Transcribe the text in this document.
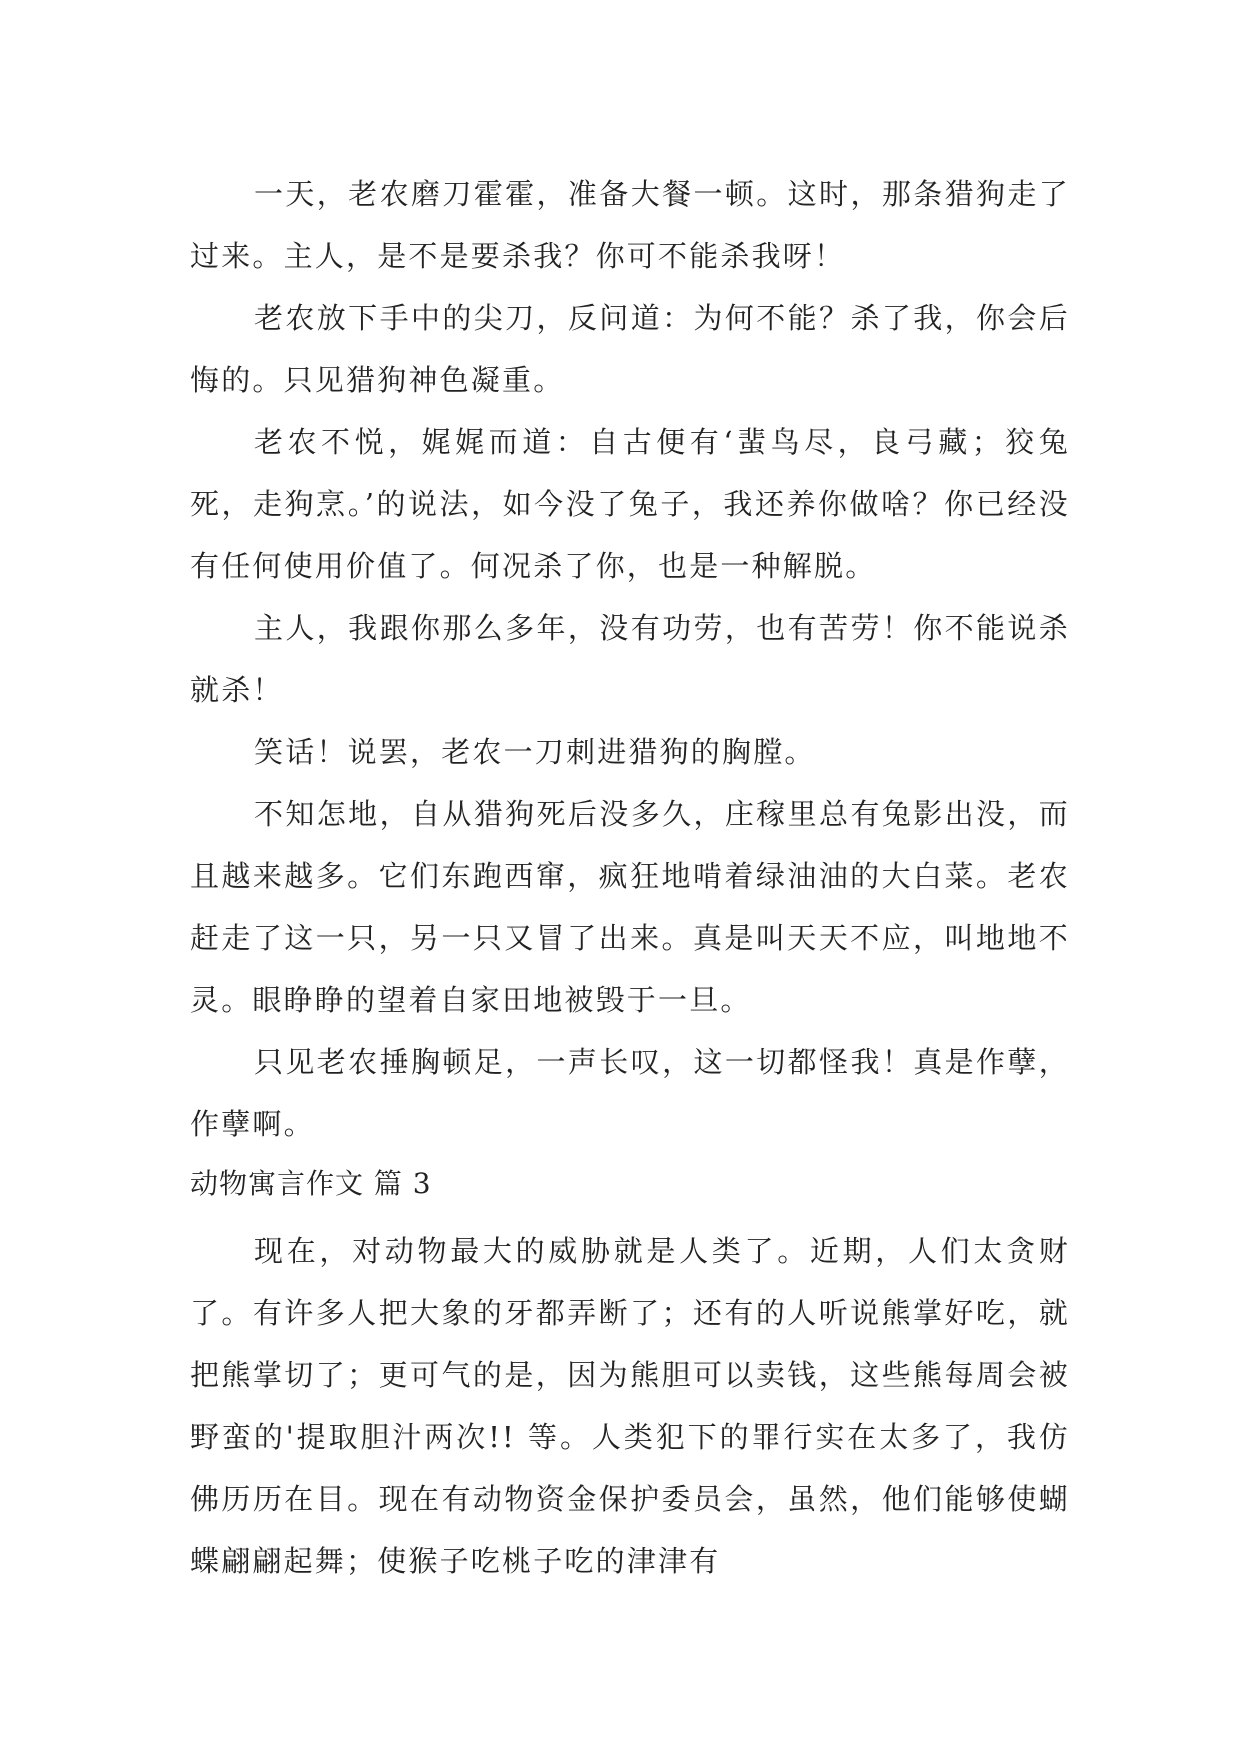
一天，老农磨刀霍霍，准备大餐一顿。这时，那条猎狗走了过来。主人，是不是要杀我？你可不能杀我呀！

老农放下手中的尖刀，反问道：为何不能？杀了我，你会后悔的。只见猎狗神色凝重。

老农不悦，娓娓而道：自古便有‘蜚鸟尽，良弓藏；狡兔死，走狗烹。’的说法，如今没了兔子，我还养你做啥？你已经没有任何使用价值了。何况杀了你，也是一种解脱。

主人，我跟你那么多年，没有功劳，也有苦劳！你不能说杀就杀！

笑话！说罢，老农一刀刺进猎狗的胸膛。

不知怎地，自从猎狗死后没多久，庄稼里总有兔影出没，而且越来越多。它们东跑西窜，疯狂地啃着绿油油的大白菜。老农赶走了这一只，另一只又冒了出来。真是叫天天不应，叫地地不灵。眼睁睁的望着自家田地被毁于一旦。

只见老农捶胸顿足，一声长叹，这一切都怪我！真是作孽，作孽啊。

动物寓言作文 篇 3

现在，对动物最大的威胁就是人类了。近期，人们太贪财了。有许多人把大象的牙都弄断了；还有的人听说熊掌好吃，就把熊掌切了；更可气的是，因为熊胆可以卖钱，这些熊每周会被野蛮的'提取胆汁两次!! 等。人类犯下的罪行实在太多了，我仿佛历历在目。现在有动物资金保护委员会，虽然，他们能够使蝴蝶翩翩起舞；使猴子吃桃子吃的津津有
